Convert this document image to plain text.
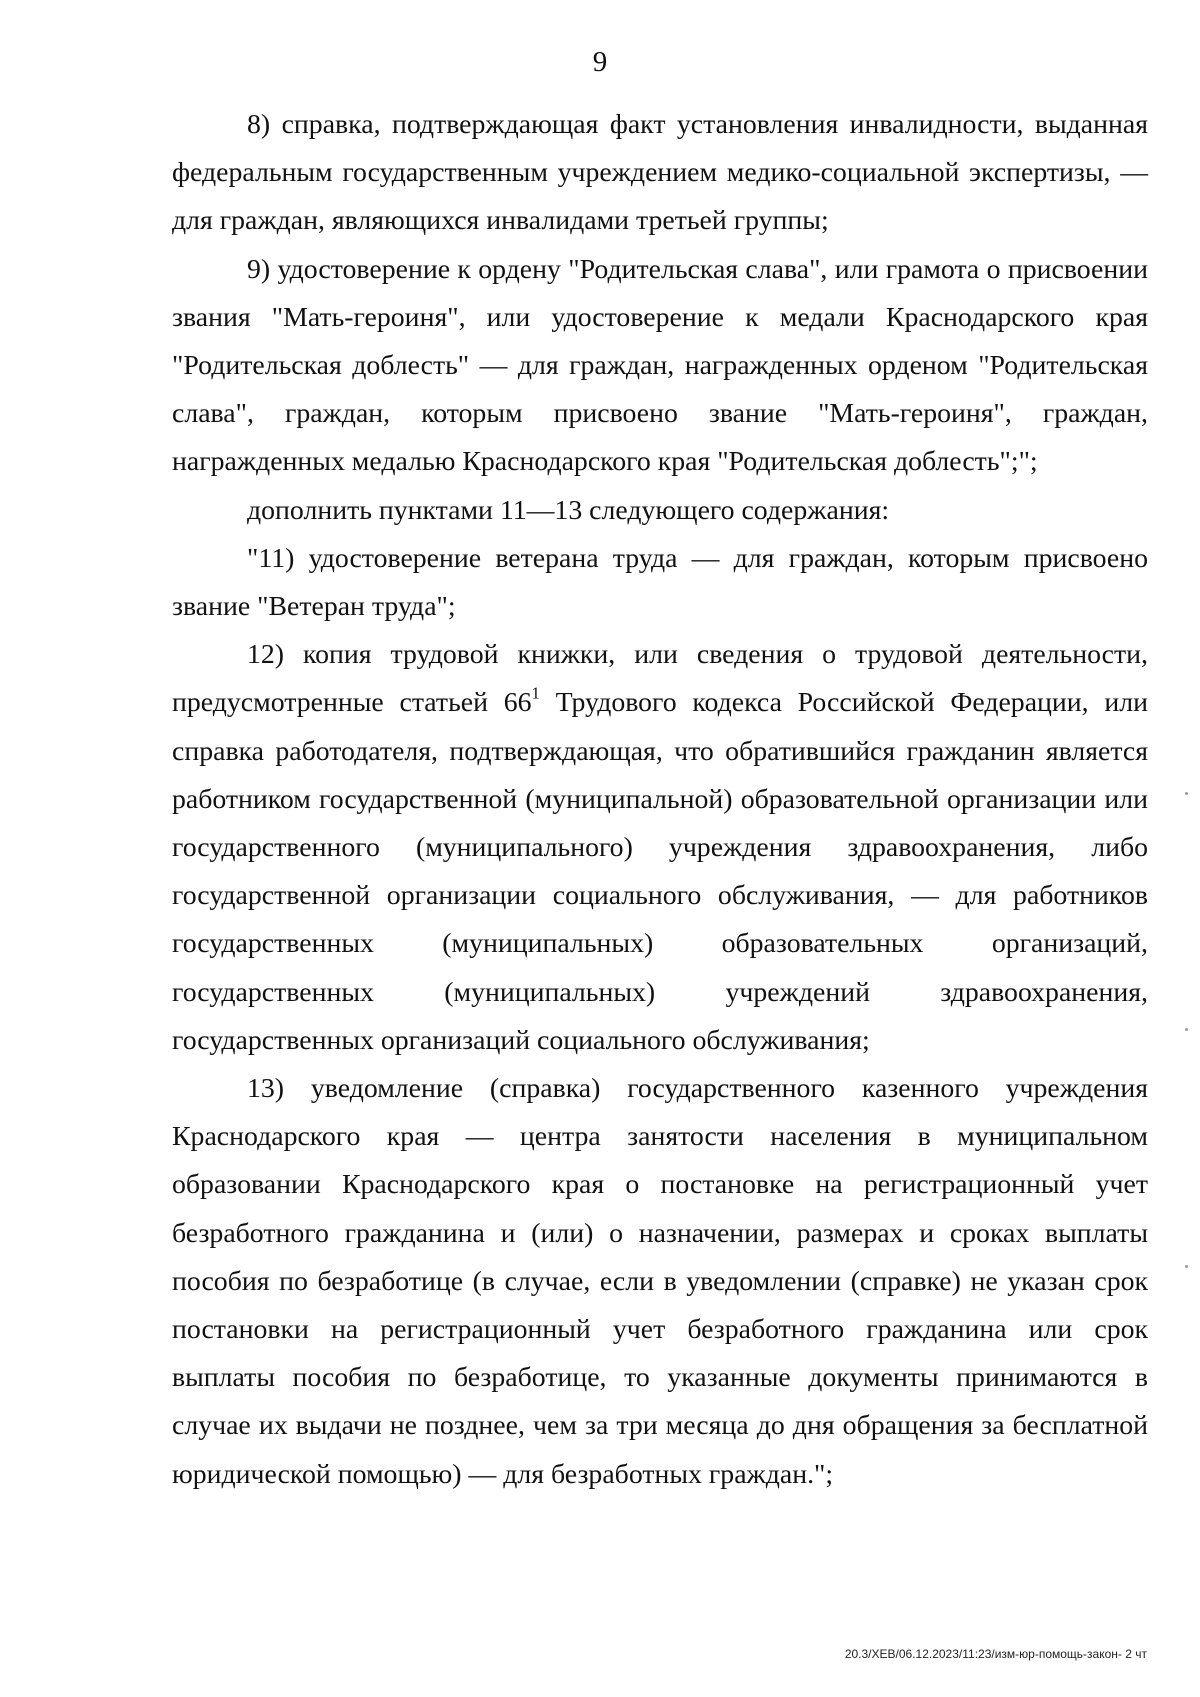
9

8) справка, подтверждающая факт установления инвалидности, выданная федеральным государственным учреждением медико-социальной экспертизы, — для граждан, являющихся инвалидами третьей группы;

9) удостоверение к ордену "Родительская слава", или грамота о присвоении звания "Мать-героиня", или удостоверение к медали Краснодарского края "Родительская доблесть" — для граждан, награжденных орденом "Родительская слава", граждан, которым присвоено звание "Мать-героиня", граждан, награжденных медалью Краснодарского края "Родительская доблесть";";

дополнить пунктами 11—13 следующего содержания:

"11) удостоверение ветерана труда — для граждан, которым присвоено звание "Ветеран труда";

12) копия трудовой книжки, или сведения о трудовой деятельности, предусмотренные статьей $66^1$ Трудового кодекса Российской Федерации, или справка работодателя, подтверждающая, что обратившийся гражданин является работником государственной (муниципальной) образовательной организации или государственного (муниципального) учреждения здравоохранения, либо государственной организации социального обслуживания, — для работников государственных (муниципальных) образовательных организаций, государственных (муниципальных) учреждений здравоохранения, государственных организаций социального обслуживания;

13) уведомление (справка) государственного казенного учреждения Краснодарского края — центра занятости населения в муниципальном образовании Краснодарского края о постановке на регистрационный учет безработного гражданина и (или) о назначении, размерах и сроках выплаты пособия по безработице (в случае, если в уведомлении (справке) не указан срок постановки на регистрационный учет безработного гражданина или срок выплаты пособия по безработице, то указанные документы принимаются в случае их выдачи не позднее, чем за три месяца до дня обращения за бесплатной юридической помощью) — для безработных граждан.";

20.3/ХЕВ/06.12.2023/11:23/изм-юр-помощь-закон- 2 чт
